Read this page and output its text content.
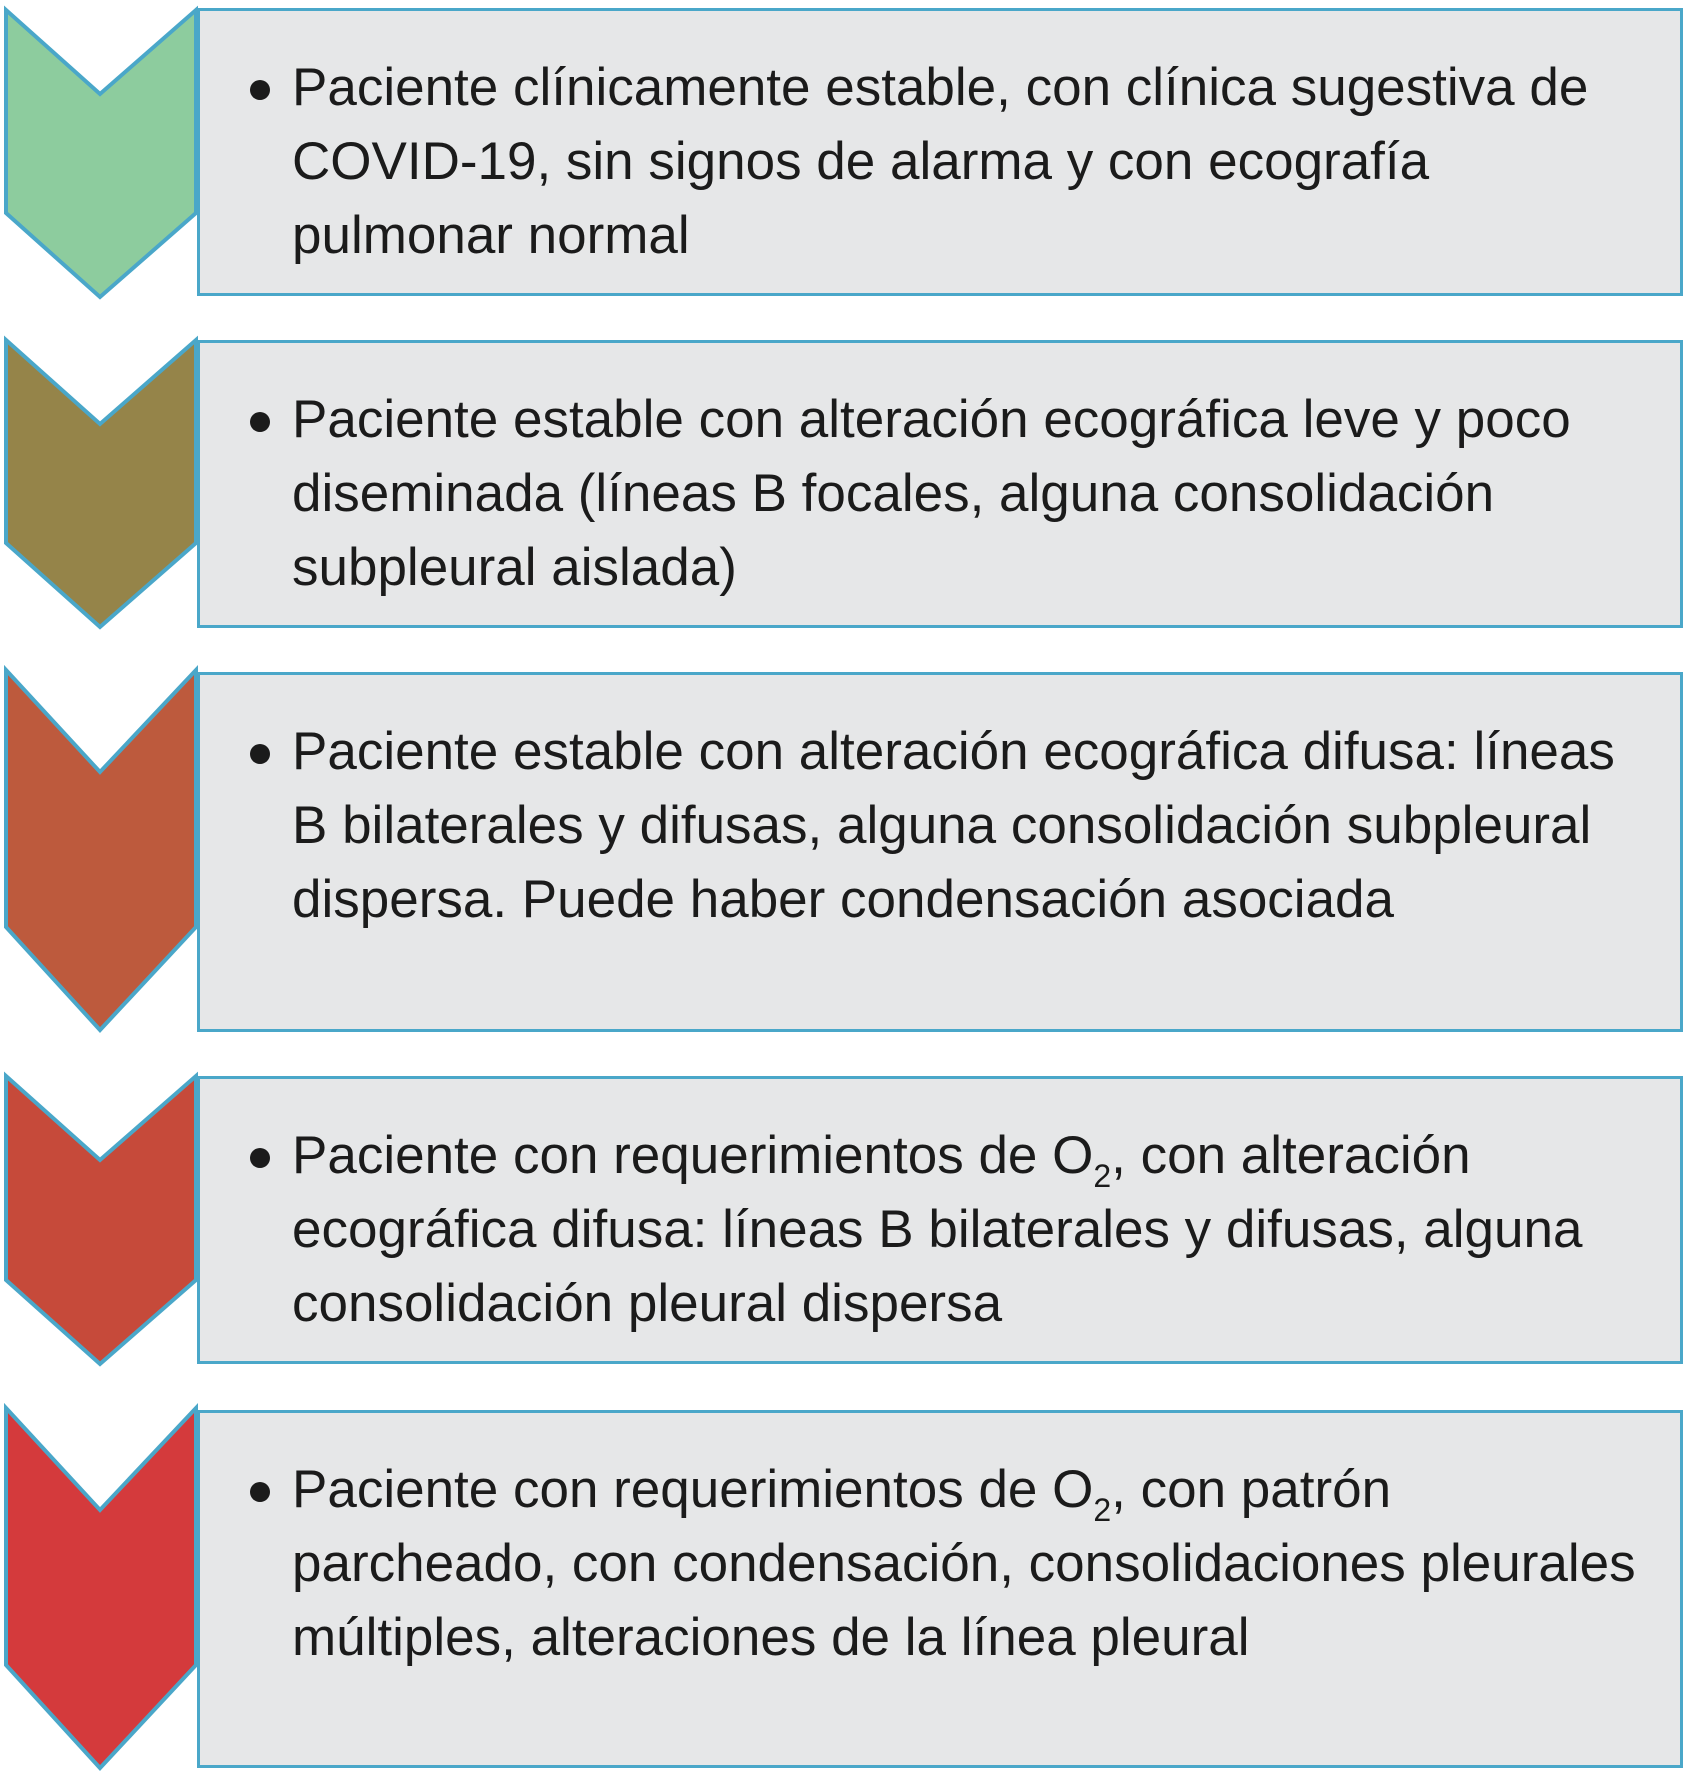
Paciente clínicamente estable, con clínica sugestiva de COVID-19, sin signos de alarma y con ecografía pulmonar normal
Paciente estable con alteración ecográfica leve y poco diseminada (líneas B focales, alguna consolidación subpleural aislada)
Paciente estable con alteración ecográfica difusa: líneas B bilaterales y difusas, alguna consolidación subpleural dispersa. Puede haber condensación asociada
Paciente con requerimientos de $O_2$, con alteración ecográfica difusa: líneas B bilaterales y difusas, alguna consolidación pleural dispersa
Paciente con requerimientos de $O_2$, con patrón parcheado, con condensación, consolidaciones pleurales múltiples, alteraciones de la línea pleural
